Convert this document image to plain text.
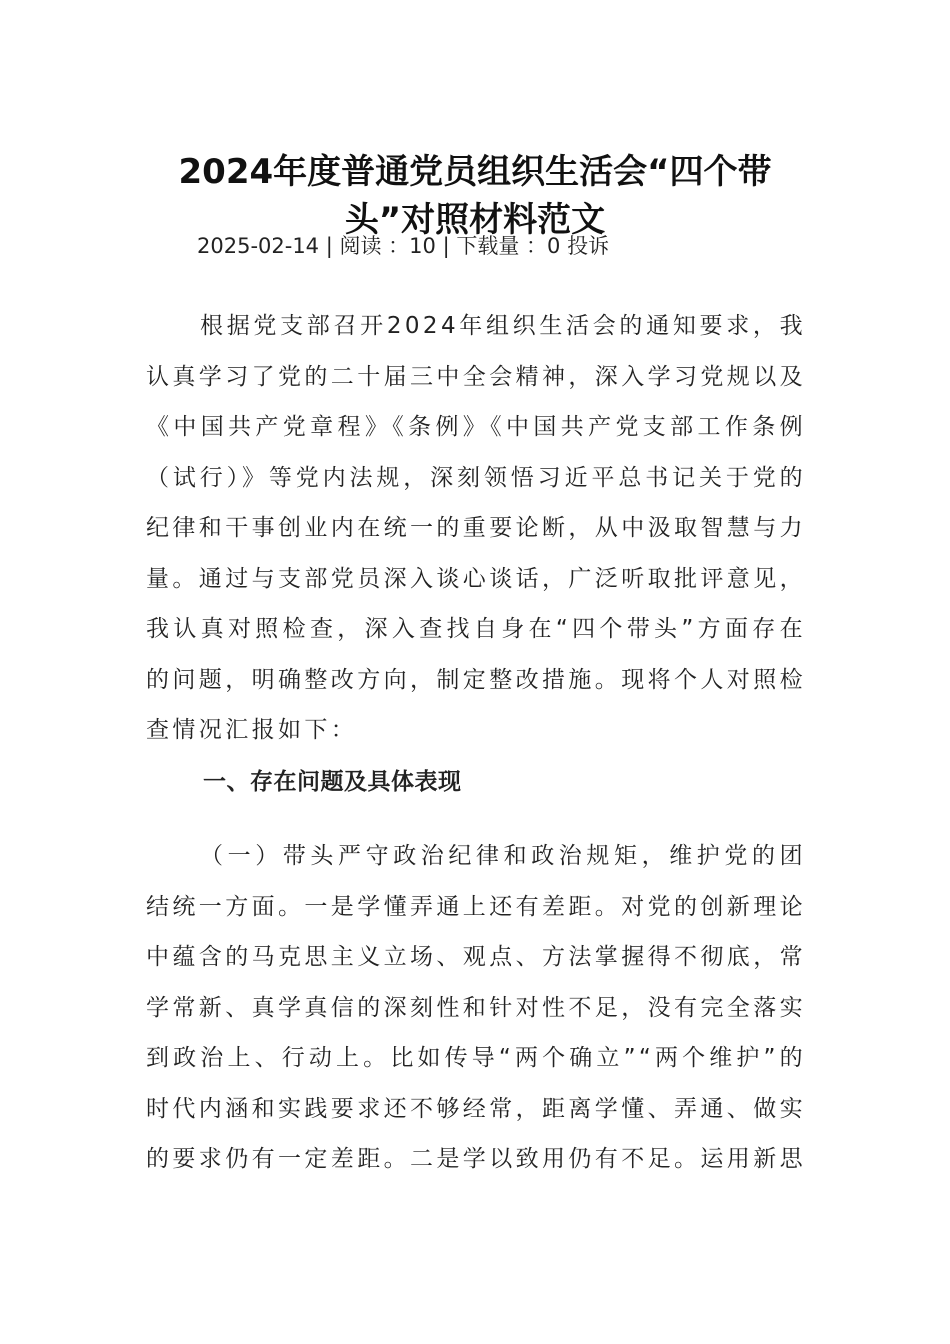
2024年度普通党员组织生活会“四个带头”对照材料范文
2025-02-14 | 阅读 ：10 | 下载量 ：0 投诉

根据党支部召开2024年组织生活会的通知要求，我认真学习了党的二十届三中全会精神，深入学习党规以及《中国共产党章程》《条例》《中国共产党支部工作条例（试行）》等党内法规，深刻领悟习近平总书记关于党的纪律和干事创业内在统一的重要论断，从中汲取智慧与力量。通过与支部党员深入谈心谈话，广泛听取批评意见，我认真对照检查，深入查找自身在“四个带头”方面存在的问题，明确整改方向，制定整改措施。现将个人对照检查情况汇报如下：

一、存在问题及具体表现

（一）带头严守政治纪律和政治规矩，维护党的团结统一方面。一是学懂弄通上还有差距。对党的创新理论中蕴含的马克思主义立场、观点、方法掌握得不彻底，常学常新、真学真信的深刻性和针对性不足，没有完全落实到政治上、行动上。比如传导“两个确立”“两个维护”的时代内涵和实践要求还不够经常，距离学懂、弄通、做实的要求仍有一定差距。二是学以致用仍有不足。运用新思
